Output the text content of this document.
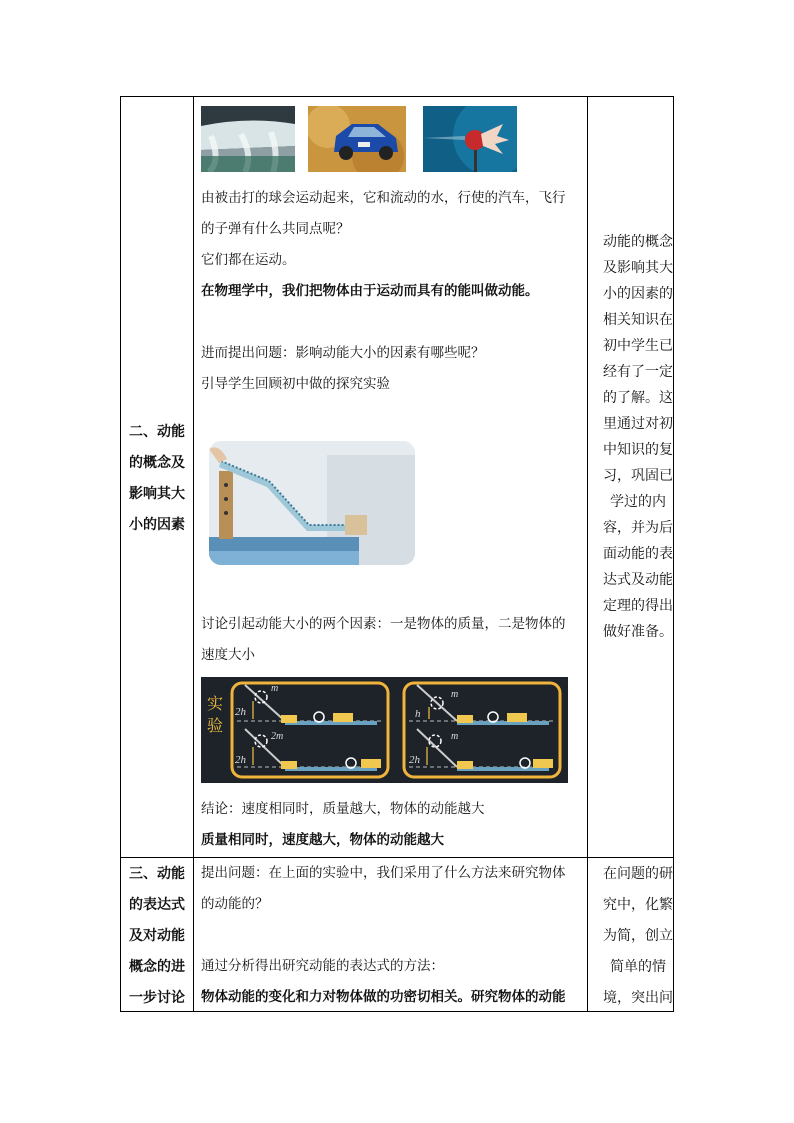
二、动能
的概念及
影响其大
小的因素
由被击打的球会运动起来，它和流动的水，行使的汽车，飞行
的子弹有什么共同点呢？
它们都在运动。
在物理学中，我们把物体由于运动而具有的能叫做动能。
进而提出问题：影响动能大小的因素有哪些呢？
引导学生回顾初中做的探究实验
讨论引起动能大小的两个因素：一是物体的质量，二是物体的
速度大小
实
验
m
2h
2m
2h
m
h
m
2h
结论：速度相同时，质量越大，物体的动能越大
质量相同时，速度越大，物体的动能越大
动能的概念
及影响其大
小的因素的
相关知识在
初中学生已
经有了一定
的了解。这
里通过对初
中知识的复
习，巩固已
学过的内
容，并为后
面动能的表
达式及动能
定理的得出
做好准备。
三、动能
的表达式
及对动能
概念的进
一步讨论
提出问题：在上面的实验中，我们采用了什么方法来研究物体
的动能的？
通过分析得出研究动能的表达式的方法：
物体动能的变化和力对物体做的功密切相关。研究物体的动能
在问题的研
究中，化繁
为简，创立
简单的情
境，突出问
